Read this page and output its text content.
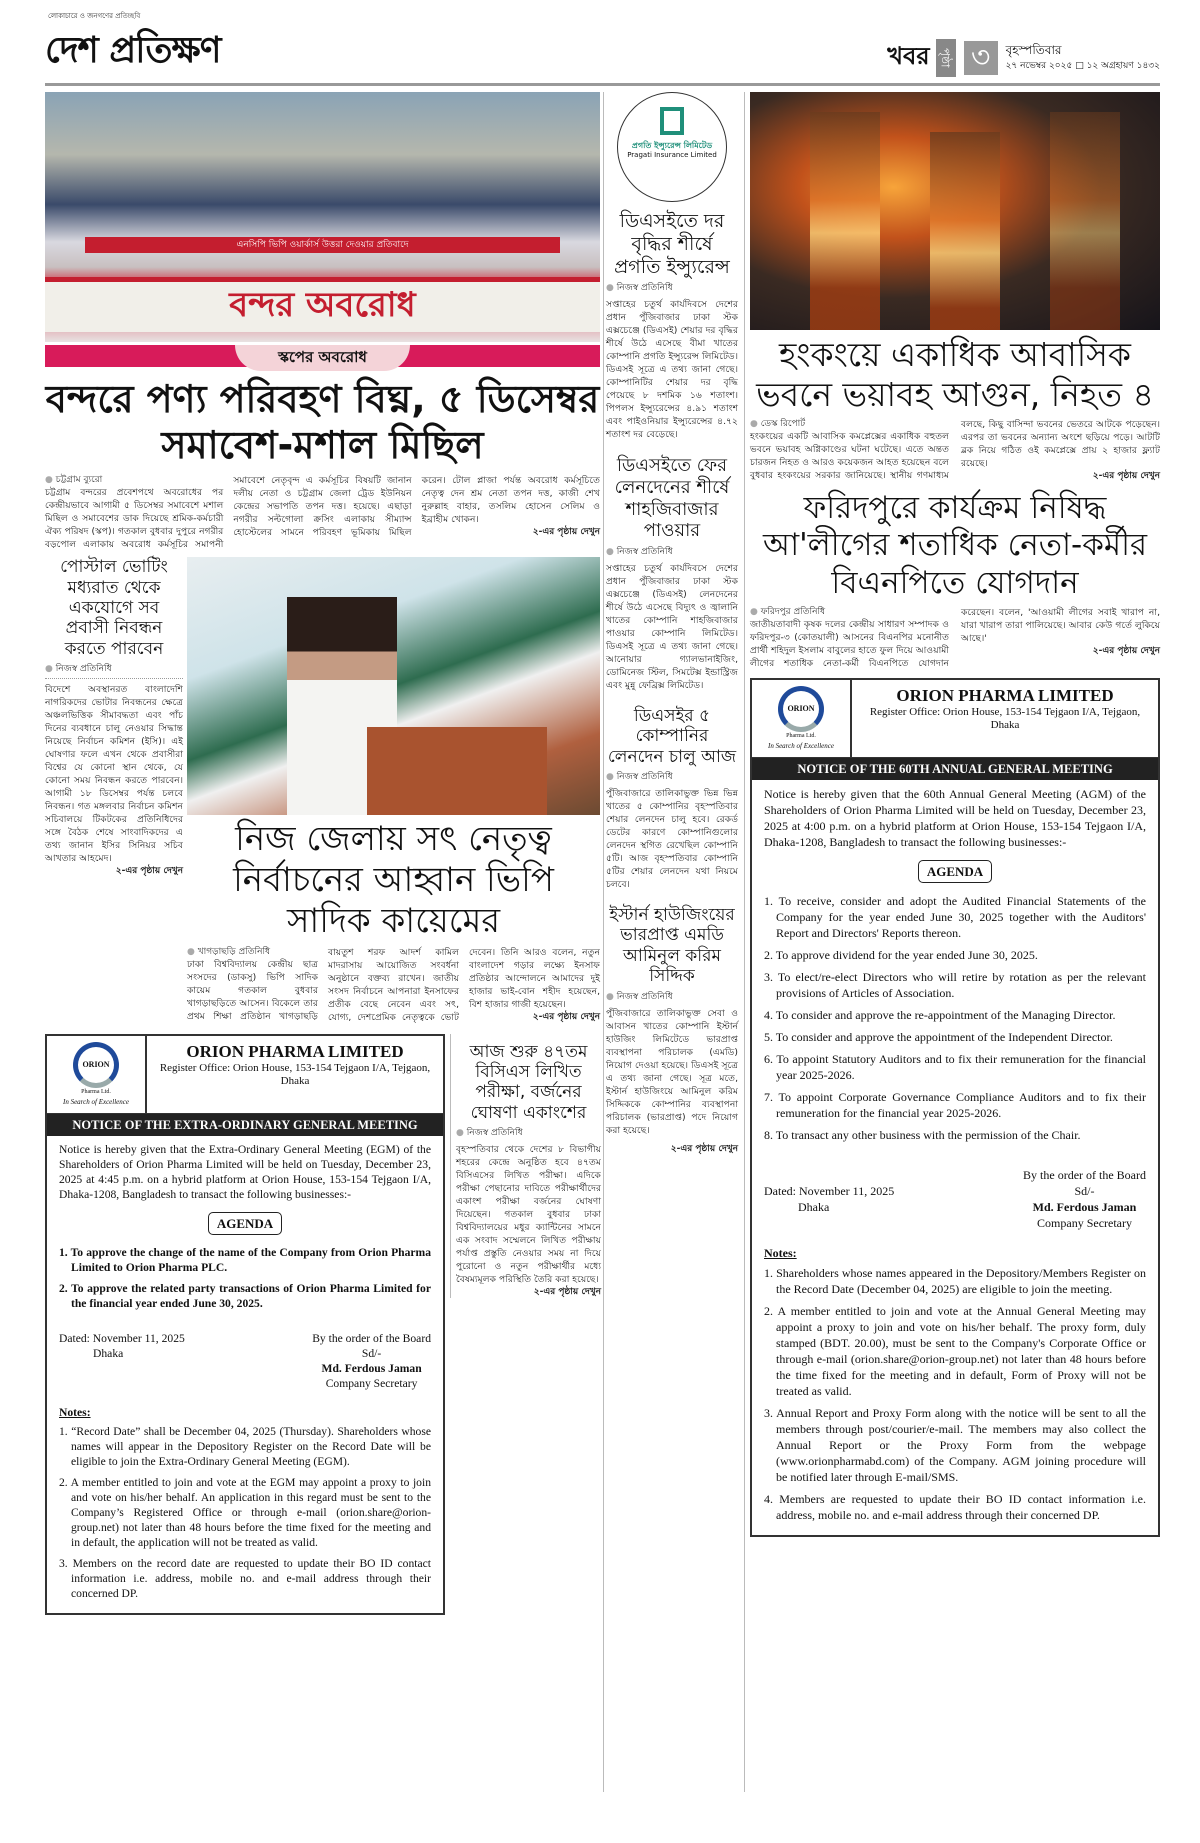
লোকাচারে ও জনগণের প্রতিচ্ছবি
দেশ প্রতিক্ষণ	খবর পৃষ্ঠা ৩	বৃহস্পতিবার
২৭ নভেম্বর ২০২৫ □ ১২ অগ্রহায়ণ ১৪৩২
এনসিপি ভিপি ওয়ার্কার্স উত্তরা দেওয়ার প্রতিবাদে
বন্দর অবরোধ
স্কপের অবরোধ
বন্দরে পণ্য পরিবহণ বিঘ্ন, ৫ ডিসেম্বর সমাবেশ-মশাল মিছিল
● চট্টগ্রাম ব্যুরো
চট্টগ্রাম বন্দরের প্রবেশপথে অবরোধের পর কেন্দ্রীয়ভাবে আগামী ৫ ডিসেম্বর সমাবেশে মশাল মিছিল ও সমাবেশের ডাক দিয়েছে শ্রমিক-কর্মচারী ঐক্য পরিষদ (স্কপ)। গতকাল বুধবার দুপুরে নগরীর বড়পোল এলাকায় অবরোধ কর্মসূচির সমাপনী সমাবেশে নেতৃবৃন্দ এ কর্মসূচির বিষয়টি জানান দলীয় নেতা ও চট্টগ্রাম জেলা ট্রেড ইউনিয়ন কেন্দ্রের সভাপতি তপন দত্ত। হয়েছে। এছাড়া নগরীর সল্টগোলা ক্রসিং এলাকায় সীম্যান্স হোস্টেলের সামনে পরিবহণ ভূমিকায় মিছিল করেন। টোল প্লাজা পর্যন্ত অবরোধ কর্মসূচিতে নেতৃত্ব দেন শ্রম নেতা তপন দত্ত, কাজী শেখ নুরুল্লাহ বাহার, তসলিম হোসেন সেলিম ও ইব্রাহীম খোকন।
২-এর পৃষ্ঠায় দেখুন
পোস্টাল ভোটিং মধ্যরাত থেকে একযোগে সব প্রবাসী নিবন্ধন করতে পারবেন
● নিজস্ব প্রতিনিধি
বিদেশে অবস্থানরত বাংলাদেশি নাগরিকদের ভোটার নিবন্ধনের ক্ষেত্রে অঞ্চলভিত্তিক সীমাবদ্ধতা এবং পাঁচ দিনের ব্যবধানে চালু নেওয়ার সিদ্ধান্ত নিয়েছে নির্বাচন কমিশন (ইসি)। এই ঘোষণার ফলে এখন থেকে প্রবাসীরা বিশ্বের যে কোনো স্থান থেকে, যে কোনো সময় নিবন্ধন করতে পারবেন। আগামী ১৮ ডিসেম্বর পর্যন্ত চলবে নিবন্ধন। গত মঙ্গলবার নির্বাচন কমিশন সচিবালয়ে টিকটকের প্রতিনিধিদের সঙ্গে বৈঠক শেষে সাংবাদিকদের এ তথ্য জানান ইসির সিনিয়র সচিব আখতার আহমেদ।
২-এর পৃষ্ঠায় দেখুন
নিজ জেলায় সৎ নেতৃত্ব নির্বাচনের আহ্বান ভিপি সাদিক কায়েমের
● খাগড়াছড়ি প্রতিনিধি
ঢাকা বিশ্ববিদ্যালয় কেন্দ্রীয় ছাত্র সংসদের (ডাকসু) ভিপি সাদিক কায়েম গতকাল বুধবার খাগড়াছড়িতে আসেন। বিকেলে তার প্রথম শিক্ষা প্রতিষ্ঠান খাগড়াছড়ি বায়তুশ শরফ আদর্শ কামিল মাদরাসায় আয়োজিত সংবর্ধনা অনুষ্ঠানে বক্তব্য রাখেন। জাতীয় সংসদ নির্বাচনে আপনারা ইনসাফের প্রতীক বেছে নেবেন এবং সৎ, যোগ্য, দেশপ্রেমিক নেতৃত্বকে ভোট দেবেন। তিনি আরও বলেন, নতুন বাংলাদেশ গড়ার লক্ষ্যে ইনসাফ প্রতিষ্ঠার আন্দোলনে আমাদের দুই হাজার ভাই-বোন শহীদ হয়েছেন, বিশ হাজার গাজী হয়েছেন।
২-এর পৃষ্ঠায় দেখুন
ORION
Pharma Ltd.
In Search of Excellence
ORION PHARMA LIMITED
Register Office: Orion House, 153-154 Tejgaon I/A, Tejgaon, Dhaka
NOTICE OF THE EXTRA-ORDINARY GENERAL MEETING

Notice is hereby given that the Extra-Ordinary General Meeting (EGM) of the Shareholders of Orion Pharma Limited will be held on Tuesday, December 23, 2025 at 4:45 p.m. on a hybrid platform at Orion House, 153-154 Tejgaon I/A, Dhaka-1208, Bangladesh to transact the following businesses:-

AGENDA
1. To approve the change of the name of the Company from Orion Pharma Limited to Orion Pharma PLC.
2. To approve the related party transactions of Orion Pharma Limited for the financial year ended June 30, 2025.
Dated: November 11, 2025
Dhaka
By the order of the Board
Sd/-
Md. Ferdous Jaman
Company Secretary
Notes:
1. “Record Date” shall be December 04, 2025 (Thursday). Shareholders whose names will appear in the Depository Register on the Record Date will be eligible to join the Extra-Ordinary General Meeting (EGM).
2. A member entitled to join and vote at the EGM may appoint a proxy to join and vote on his/her behalf. An application in this regard must be sent to the Company’s Registered Office or through e-mail (orion.share@orion-group.net) not later than 48 hours before the time fixed for the meeting and in default, the application will not be treated as valid.
3. Members on the record date are requested to update their BO ID contact information i.e. address, mobile no. and e-mail address through their concerned DP.
আজ শুরু ৪৭তম বিসিএস লিখিত পরীক্ষা, বর্জনের ঘোষণা একাংশের
● নিজস্ব প্রতিনিধি
বৃহস্পতিবার থেকে দেশের ৮ বিভাগীয় শহরের কেন্দ্রে অনুষ্ঠিত হবে ৪৭তম বিসিএসের লিখিত পরীক্ষা। এদিকে পরীক্ষা পেছানোর দাবিতে পরীক্ষার্থীদের একাংশ পরীক্ষা বর্জনের ঘোষণা দিয়েছেন। গতকাল বুধবার ঢাকা বিশ্ববিদ্যালয়ের মধুর ক্যান্টিনের সামনে এক সংবাদ সম্মেলনে লিখিত পরীক্ষায় পর্যাপ্ত প্রস্তুতি নেওয়ার সময় না দিয়ে পুরোনো ও নতুন পরীক্ষার্থীর মধ্যে বৈষম্যমূলক পরিস্থিতি তৈরি করা হয়েছে।
২-এর পৃষ্ঠায় দেখুন
প্রগতি ইন্স্যুরেন্স লিমিটেড
Pragati Insurance Limited
ডিএসইতে দর বৃদ্ধির শীর্ষে প্রগতি ইন্স্যুরেন্স
● নিজস্ব প্রতিনিধি
সপ্তাহের চতুর্থ কার্যদিবসে দেশের প্রধান পুঁজিবাজার ঢাকা স্টক এক্সচেঞ্জে (ডিএসই) শেয়ার দর বৃদ্ধির শীর্ষে উঠে এসেছে বীমা খাতের কোম্পানি প্রগতি ইন্স্যুরেন্স লিমিটেড। ডিএসই সূত্রে এ তথ্য জানা গেছে। কোম্পানিটির শেয়ার দর বৃদ্ধি পেয়েছে ৮ দশমিক ১৬ শতাংশ। পিপলস ইন্স্যুরেন্সের ৪.৯১ শতাংশ এবং পাইওনিয়ার ইন্স্যুরেন্সের ৪.৭২ শতাংশ দর বেড়েছে।
ডিএসইতে ফের লেনদেনের শীর্ষে শাহজিবাজার পাওয়ার
● নিজস্ব প্রতিনিধি
সপ্তাহের চতুর্থ কার্যদিবসে দেশের প্রধান পুঁজিবাজার ঢাকা স্টক এক্সচেঞ্জে (ডিএসই) লেনদেনের শীর্ষে উঠে এসেছে বিদ্যুৎ ও জ্বালানি খাতের কোম্পানি শাহজিবাজার পাওয়ার কোম্পানি লিমিটেড। ডিএসই সূত্রে এ তথ্য জানা গেছে। আনোয়ার গ্যালভানাইজিং, ডোমিনেজ স্টিল, সিমটেক্স ইন্ডাস্ট্রিজ এবং মুন্নু ফেব্রিক্স লিমিটেড।
ডিএসইর ৫ কোম্পানির লেনদেন চালু আজ
● নিজস্ব প্রতিনিধি
পুঁজিবাজারে তালিকাভুক্ত ভিন্ন ভিন্ন খাতের ৫ কোম্পানির বৃহস্পতিবার শেয়ার লেনদেন চালু হবে। রেকর্ড ডেটের কারণে কোম্পানিগুলোর লেনদেন স্থগিত রেখেছিল কোম্পানি ৫টি। আজ বৃহস্পতিবার কোম্পানি ৫টির শেয়ার লেনদেন যথা নিয়মে চলবে।
ইস্টার্ন হাউজিংয়ের ভারপ্রাপ্ত এমডি আমিনুল করিম সিদ্দিক
● নিজস্ব প্রতিনিধি
পুঁজিবাজারে তালিকাভুক্ত সেবা ও আবাসন খাতের কোম্পানি ইস্টার্ন হাউজিং লিমিটেডে ভারপ্রাপ্ত ব্যবস্থাপনা পরিচালক (এমডি) নিয়োগ দেওয়া হয়েছে। ডিএসই সূত্রে এ তথ্য জানা গেছে। সূত্র মতে, ইস্টার্ন হাউজিংয়ে আমিনুল করিম সিদ্দিককে কোম্পানির ব্যবস্থাপনা পরিচালক (ভারপ্রাপ্ত) পদে নিয়োগ করা হয়েছে।
২-এর পৃষ্ঠায় দেখুন
হংকংয়ে একাধিক আবাসিক ভবনে ভয়াবহ আগুন, নিহত ৪
● ডেস্ক রিপোর্ট
হংকংয়ের একটি আবাসিক কমপ্লেক্সের একাধিক বহুতল ভবনে ভয়াবহ অগ্নিকাণ্ডের ঘটনা ঘটেছে। এতে অন্তত চারজন নিহত ও আরও কয়েকজন আহত হয়েছেন বলে বুধবার হংকংয়ের সরকার জানিয়েছে। স্থানীয় গণমাধ্যম বলছে, কিছু বাসিন্দা ভবনের ভেতরে আটকে পড়েছেন। এরপর তা ভবনের অন্যান্য অংশে ছড়িয়ে পড়ে। আটটি ব্লক নিয়ে গঠিত ওই কমপ্লেক্সে প্রায় ২ হাজার ফ্ল্যাট রয়েছে।
২-এর পৃষ্ঠায় দেখুন
ফরিদপুরে কার্যক্রম নিষিদ্ধ আ'লীগের শতাধিক নেতা-কর্মীর বিএনপিতে যোগদান
● ফরিদপুর প্রতিনিধি
জাতীয়তাবাদী কৃষক দলের কেন্দ্রীয় সাধারণ সম্পাদক ও ফরিদপুর-৩ (কোতয়ালী) আসনের বিএনপির মনোনীত প্রার্থী শহিদুল ইসলাম বাবুলের হাতে ফুল দিয়ে আওয়ামী লীগের শতাধিক নেতা-কর্মী বিএনপিতে যোগদান করেছেন। বলেন, 'আওয়ামী লীগের সবাই খারাপ না, যারা খারাপ তারা পালিয়েছে। আবার কেউ গর্তে লুকিয়ে আছে।'
২-এর পৃষ্ঠায় দেখুন
ORION
Pharma Ltd.
In Search of Excellence
ORION PHARMA LIMITED
Register Office: Orion House, 153-154 Tejgaon I/A, Tejgaon, Dhaka
NOTICE OF THE 60TH ANNUAL GENERAL MEETING

Notice is hereby given that the 60th Annual General Meeting (AGM) of the Shareholders of Orion Pharma Limited will be held on Tuesday, December 23, 2025 at 4:00 p.m. on a hybrid platform at Orion House, 153-154 Tejgaon I/A, Dhaka-1208, Bangladesh to transact the following businesses:-

AGENDA
1. To receive, consider and adopt the Audited Financial Statements of the Company for the year ended June 30, 2025 together with the Auditors' Report and Directors' Reports thereon.
2. To approve dividend for the year ended June 30, 2025.
3. To elect/re-elect Directors who will retire by rotation as per the relevant provisions of Articles of Association.
4. To consider and approve the re-appointment of the Managing Director.
5. To consider and approve the appointment of the Independent Director.
6. To appoint Statutory Auditors and to fix their remuneration for the financial year 2025-2026.
7. To appoint Corporate Governance Compliance Auditors and to fix their remuneration for the financial year 2025-2026.
8. To transact any other business with the permission of the Chair.
Dated: November 11, 2025
Dhaka
By the order of the Board
Sd/-
Md. Ferdous Jaman
Company Secretary
Notes:
1. Shareholders whose names appeared in the Depository/Members Register on the Record Date (December 04, 2025) are eligible to join the meeting.
2. A member entitled to join and vote at the Annual General Meeting may appoint a proxy to join and vote on his/her behalf. The proxy form, duly stamped (BDT. 20.00), must be sent to the Company's Corporate Office or through e-mail (orion.share@orion-group.net) not later than 48 hours before the time fixed for the meeting and in default, Form of Proxy will not be treated as valid.
3. Annual Report and Proxy Form along with the notice will be sent to all the members through post/courier/e-mail. The members may also collect the Annual Report or the Proxy Form from the webpage (www.orionpharmabd.com) of the Company. AGM joining procedure will be notified later through E-mail/SMS.
4. Members are requested to update their BO ID contact information i.e. address, mobile no. and e-mail address through their concerned DP.
